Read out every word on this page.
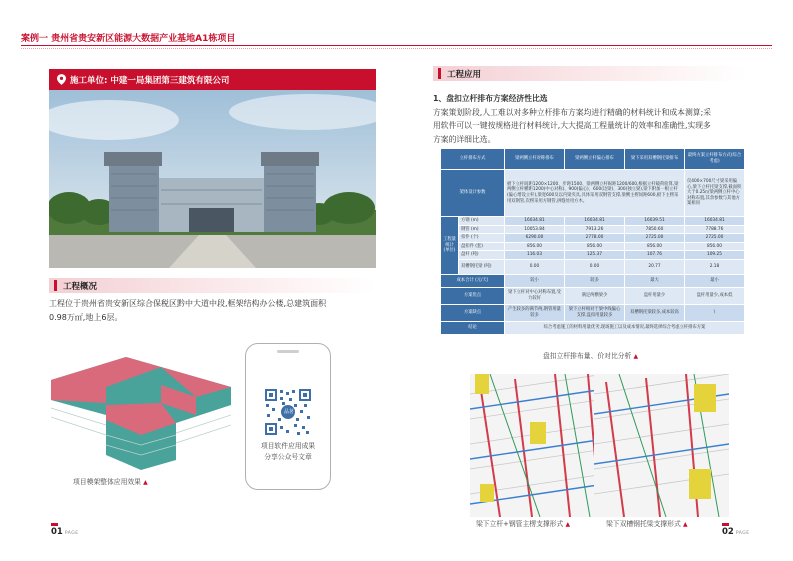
案例一 贵州省贵安新区能源大数据产业基地A1栋项目
施工单位: 中建一局集团第三建筑有限公司
工程概况
工程位于贵州省贵安新区综合保税区黔中大道中段,框架结构办公楼,总建筑面积
0.98万㎡,地上6层。
项目模架整体应用效果 ▲
品茗
项目软件应用成果
分享公众号文章
01 PAGE
工程应用
1、盘扣立杆排布方案经济性比选
方案策划阶段,人工难以对多种立杆排布方案均进行精确的材料统计和成本测算;采
用软件可以一键按规格进行材料统计,大大提高工程量统计的效率和准确性,实现多
方案的详细比选。
立杆排布方式		梁两侧立杆对称排布	梁两侧立杆偏心排布	梁下采用双槽钢托梁排布	最终方案立杆排布方式(综合考虑)
架体设计参数		板下立杆间距1200×1200、步距1500、梁两侧立杆纵距1200/600,根据立杆载荷验算,梁两侧立杆横距1200(中心对称)、900(偏心)、600(边梁)、300(独立梁),梁下附加一根立杆(偏心增设立杆),梁宽600及以内梁夹具,具体采用双钢管支撑,梁侧主楞间距600,板下主楞采用双钢管,次楞采用方钢管,拼缝处用方木。			仅400×700尺寸梁采用偏心,梁下立杆托梁支撑,截面积大于0.25㎡梁两侧立杆中心对称布置,其余参数与其他方案相同
工程量统计(单位)	方钢 (m)	16034.81	16034.81	16039.51	16034.81
	钢管 (m)	10053.84	7913.26	7850.60	7788.76
	扣件 (个)	6290.00	2778.00	2725.00	2725.00
	盘扣件 (套)	856.00	856.00	856.00	856.00
	盘杆 (吨)	116.03	125.37	107.76	109.25
	双槽钢托梁 (吨)	0.00	0.00	20.77	2.18
成本合计 (元/天)		较小	较多	最大	最小
方案优点		梁下立杆对中心对称布置,受力较好	满足两横梁少	盘杆用量少	盘杆用量少,成本低
方案缺点		产生较多的满节两,钢管用量较多	梁下立杆相对于梁中线偏心支撑,盘扣用量较多	双槽钢托梁较多,成本较高	\
结论		综合考虑施工的材料用量优劣,现场施工以及成本情况,最终选择综合考虑立杆排布方案			
盘扣立杆排布量、价对比分析 ▲
梁下立杆+钢管主楞支撑形式 ▲	梁下双槽钢托梁支撑形式 ▲
02 PAGE
